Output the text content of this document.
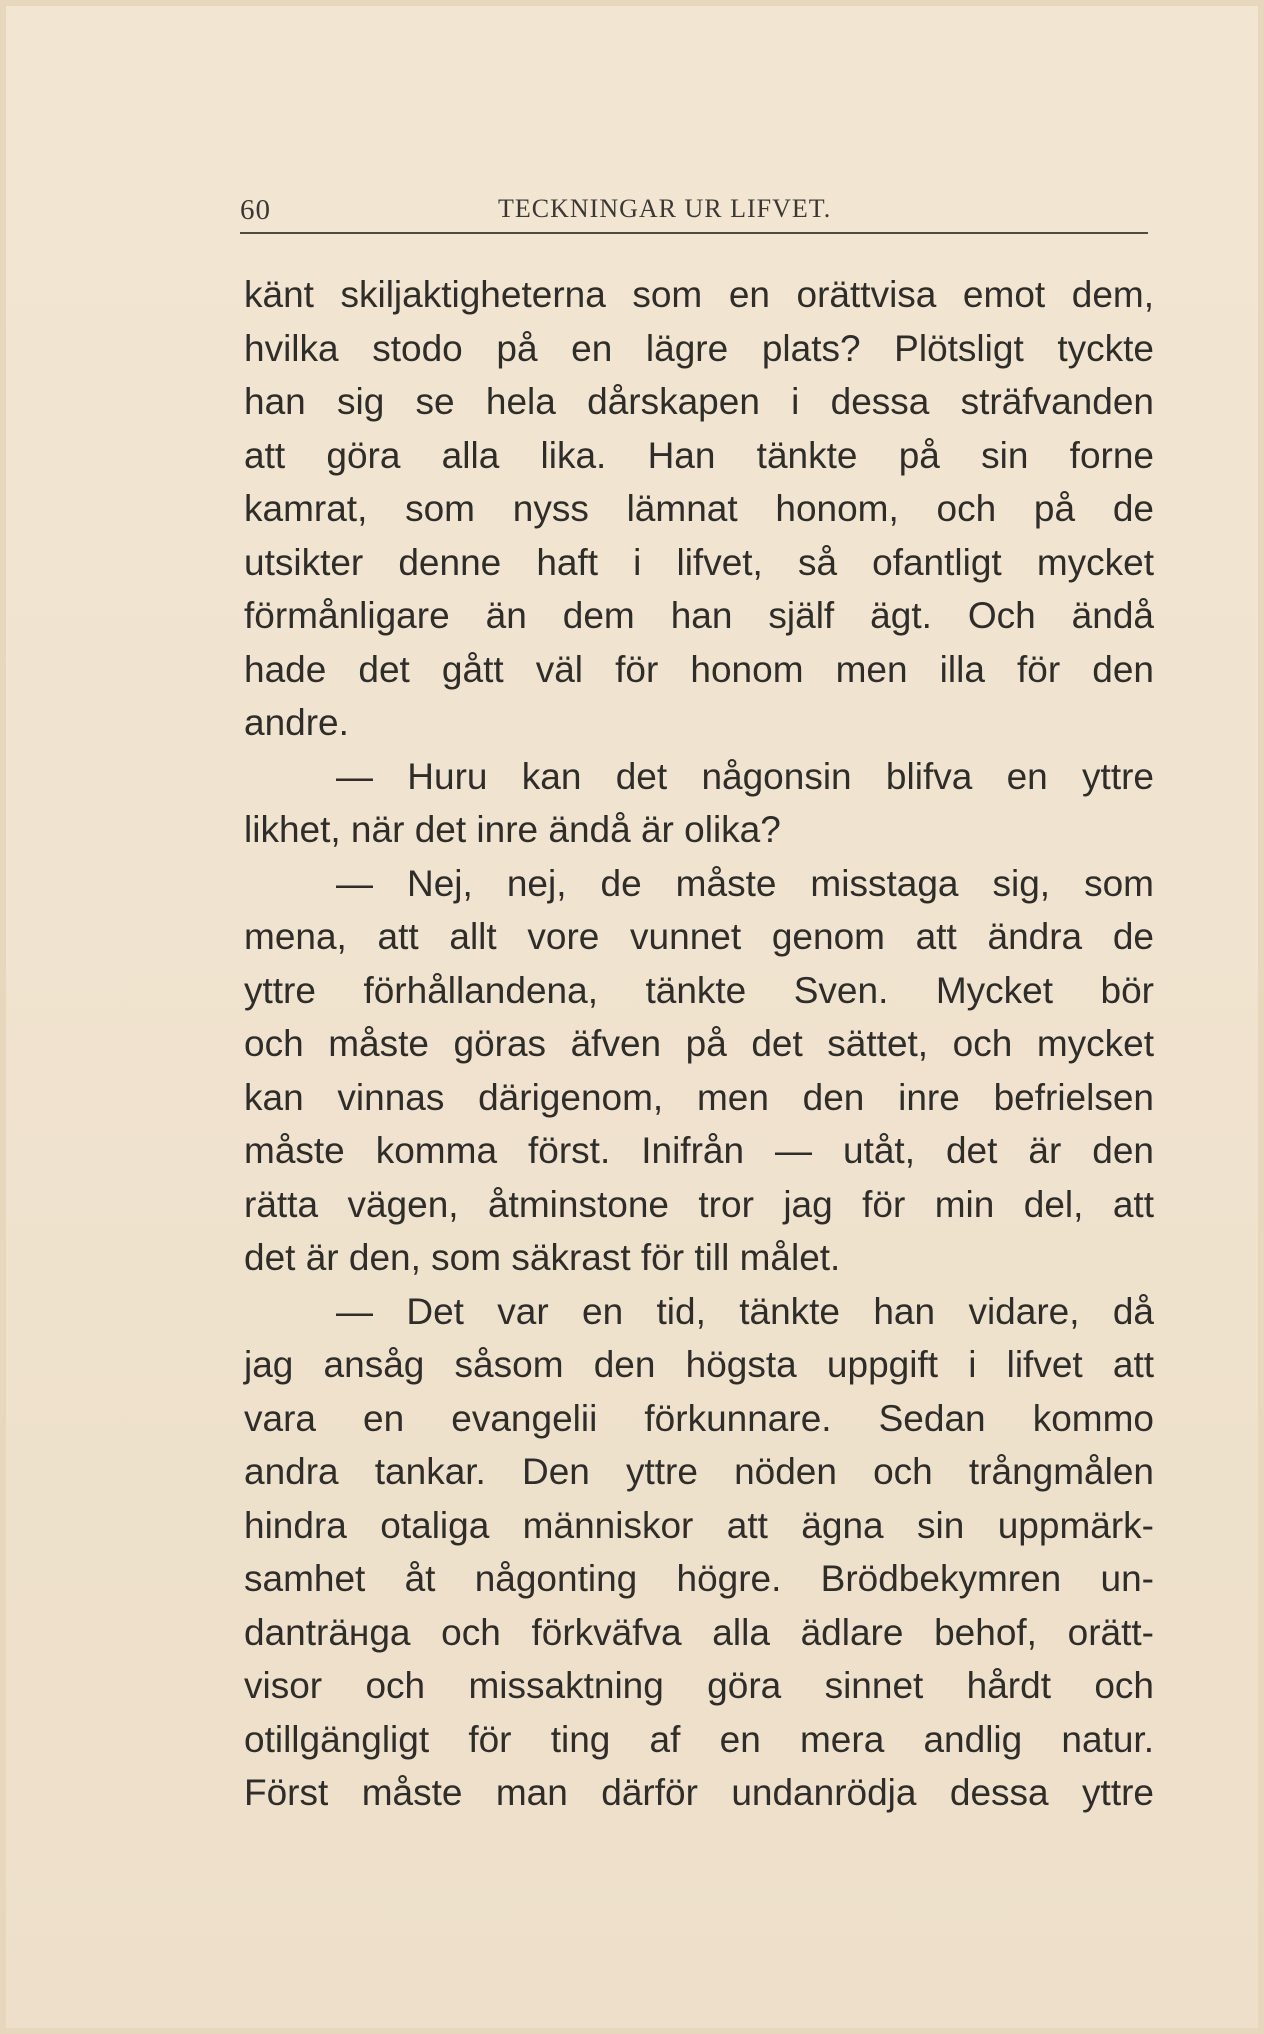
60	TECKNINGAR UR LIFVET.
känt skiljaktigheterna som en orättvisa emot dem,
hvilka stodo på en lägre plats? Plötsligt tyckte
han sig se hela dårskapen i dessa sträfvanden
att göra alla lika. Han tänkte på sin forne
kamrat, som nyss lämnat honom, och på de
utsikter denne haft i lifvet, så ofantligt mycket
förmånligare än dem han själf ägt. Och ändå
hade det gått väl för honom men illa för den
andre.
— Huru kan det någonsin blifva en yttre
likhet, när det inre ändå är olika?
— Nej, nej, de måste misstaga sig, som
mena, att allt vore vunnet genom att ändra de
yttre förhållandena, tänkte Sven. Mycket bör
och måste göras äfven på det sättet, och mycket
kan vinnas därigenom, men den inre befrielsen
måste komma först. Inifrån — utåt, det är den
rätta vägen, åtminstone tror jag för min del, att
det är den, som säkrast för till målet.
— Det var en tid, tänkte han vidare, då
jag ansåg såsom den högsta uppgift i lifvet att
vara en evangelii förkunnare. Sedan kommo
andra tankar. Den yttre nöden och trångmålen
hindra otaliga människor att ägna sin uppmärk-
samhet åt någonting högre. Brödbekymren un-
danträнga och förkväfva alla ädlare behof, orätt-
visor och missaktning göra sinnet hårdt och
otillgängligt för ting af en mera andlig natur.
Först måste man därför undanrödja dessa yttre
